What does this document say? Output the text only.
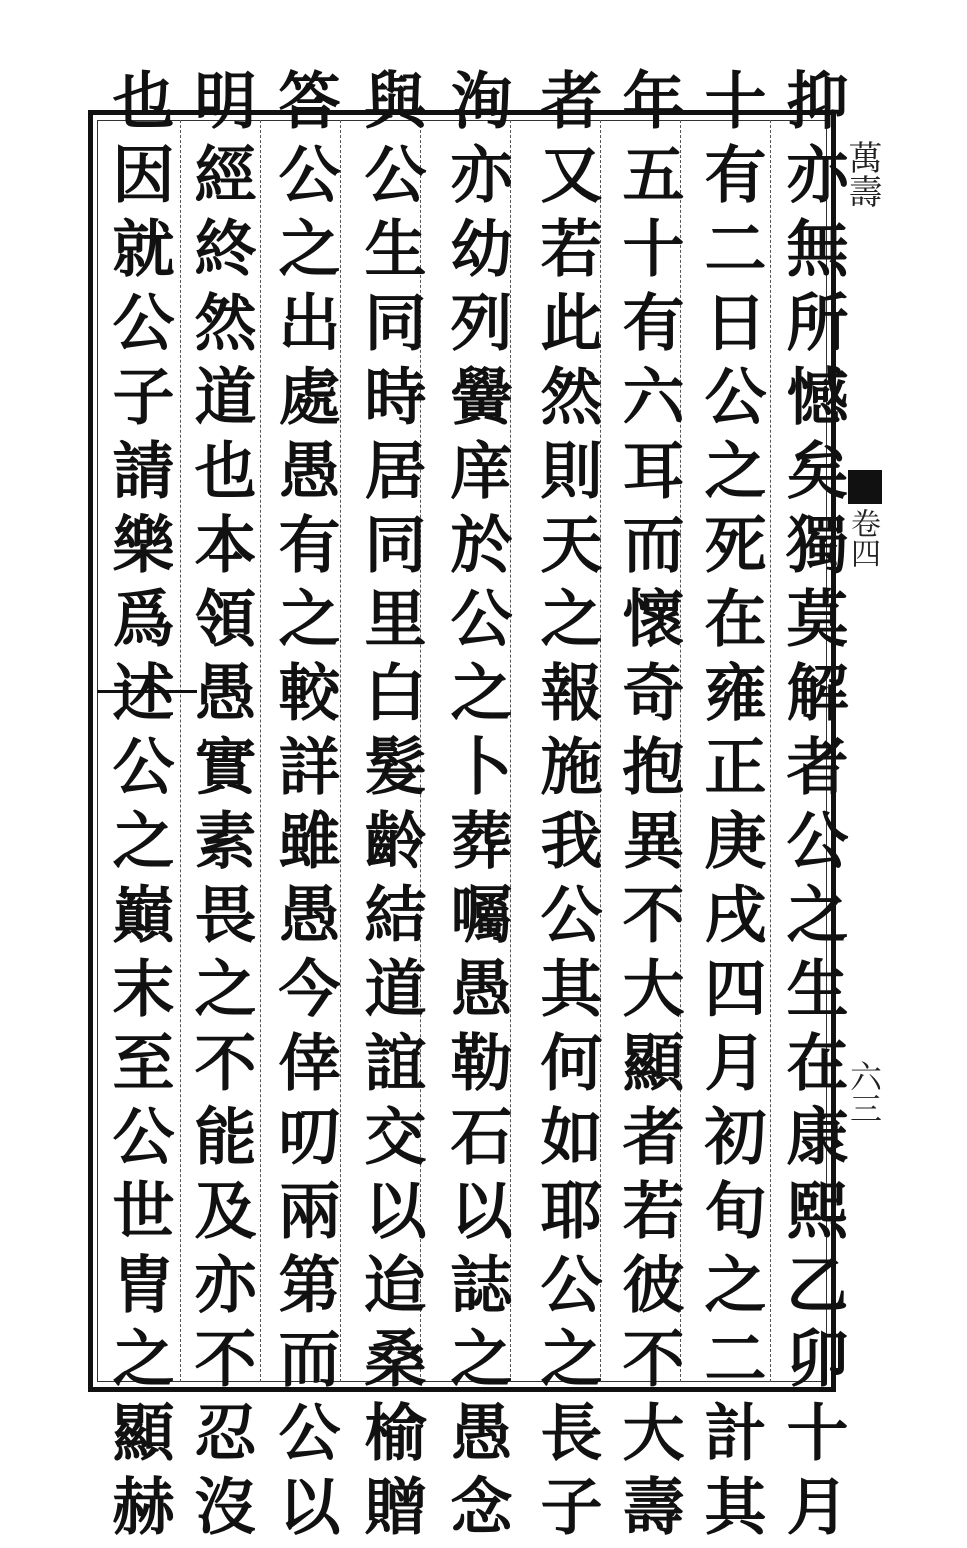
萬壽
卷四
六三
抑亦無所憾矣獨莫解者公之生在康熙乙卯十月
十有二日公之死在雍正庚戌四月初旬之二計其
年五十有六耳而懷奇抱異不大顯者若彼不大壽
者又若此然則天之報施我公其何如耶公之長子
洵亦幼列黌庠於公之卜葬囑愚勒石以誌之愚念
與公生同時居同里白髮齡結道誼交以迨桑榆贈
答公之出處愚有之較詳雖愚今倖叨兩第而公以
明經終然道也本領愚實素畏之不能及亦不忍沒
也因就公子請樂爲述公之巔末至公世胄之顯赫
